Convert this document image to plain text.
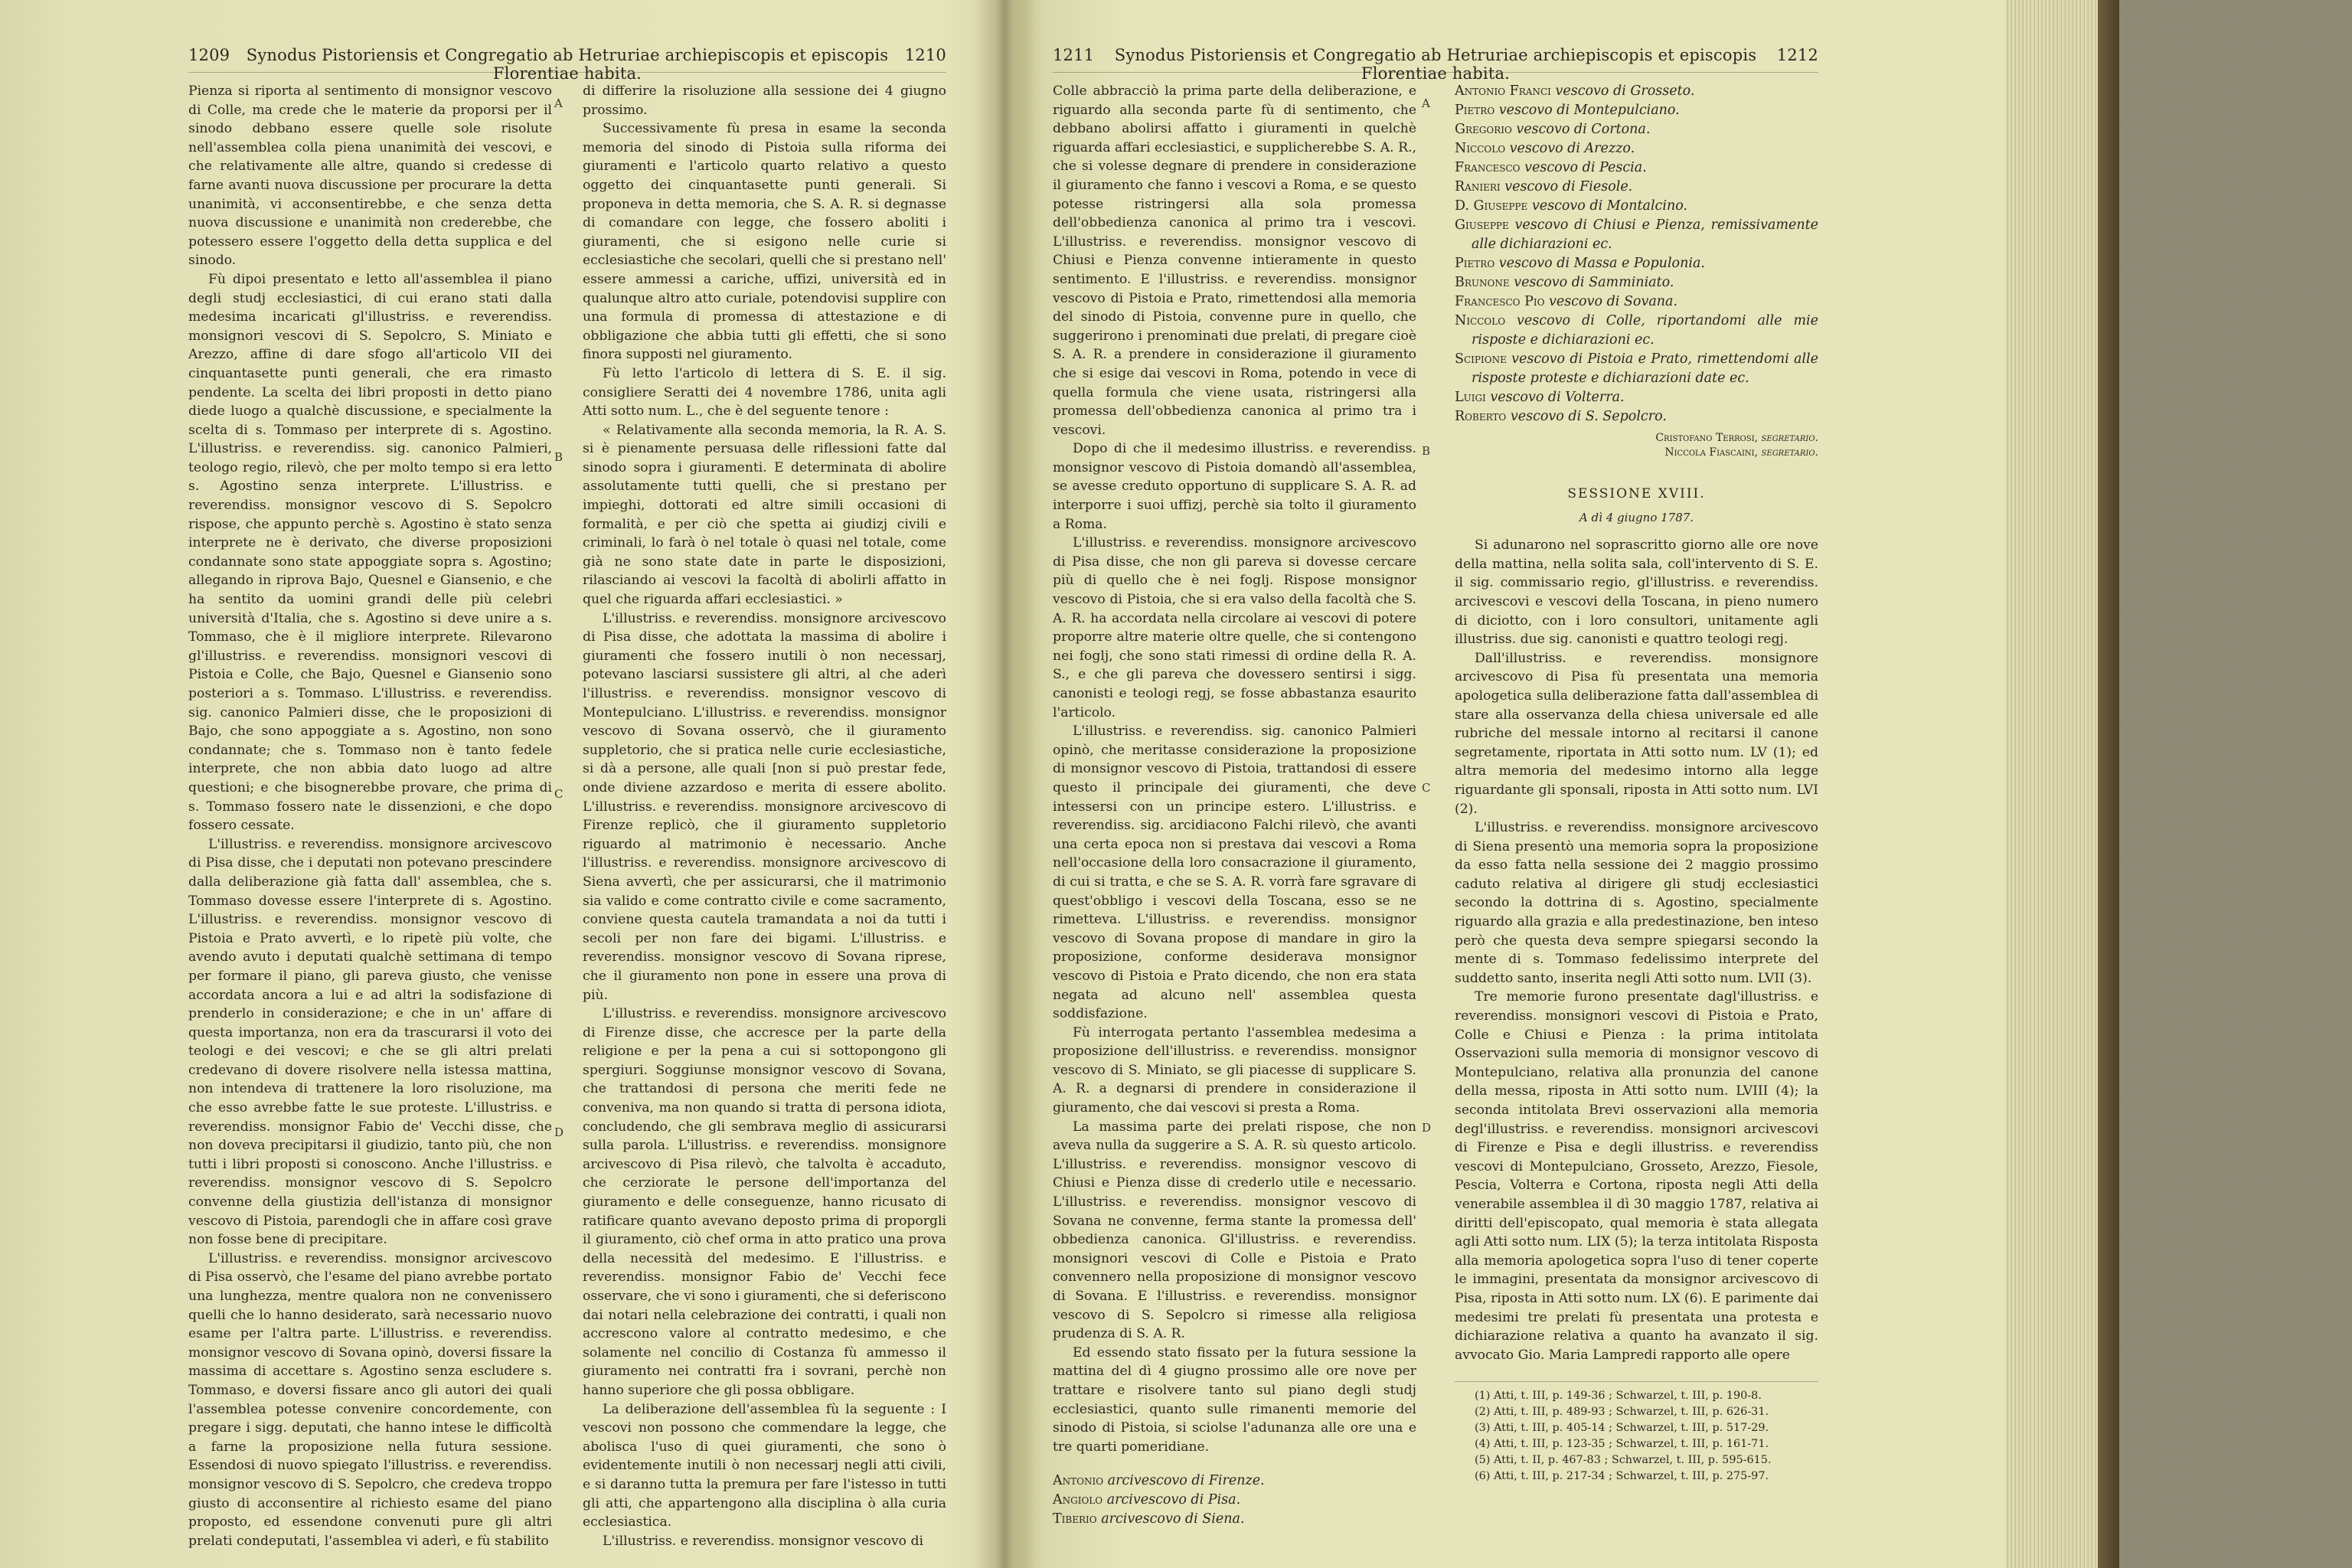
1209	Synodus Pistoriensis et Congregatio ab Hetruriae archiepiscopis et episcopis Florentiae habita.
1210

Pienza si riporta al sentimento di monsignor vescovo di Colle, ma crede che le materie da proporsi per il sinodo debbano essere quelle sole risolute nell'assemblea colla piena unanimità dei vescovi, e che relativamente alle altre, quando si credesse di farne avanti nuova discussione per procurare la detta unanimità, vi acconsentirebbe, e che senza detta nuova discussione e unanimità non crederebbe, che potessero essere l'oggetto della detta supplica e del sinodo.

Fù dipoi presentato e letto all'assemblea il piano degli studj ecclesiastici, di cui erano stati dalla medesima incaricati gl'illustriss. e reverendiss. monsignori vescovi di S. Sepolcro, S. Miniato e Arezzo, affine di dare sfogo all'articolo VII dei cinquantasette punti generali, che era rimasto pendente. La scelta dei libri proposti in detto piano diede luogo a qualchè discussione, e specialmente la scelta di s. Tommaso per interprete di s. Agostino. L'illustriss. e reverendiss. sig. canonico Palmieri, teologo regio, rilevò, che per molto tempo si era letto s. Agostino senza interprete. L'illustriss. e reverendiss. monsignor vescovo di S. Sepolcro rispose, che appunto perchè s. Agostino è stato senza interprete ne è derivato, che diverse proposizioni condannate sono state appoggiate sopra s. Agostino; allegando in riprova Bajo, Quesnel e Giansenio, e che ha sentito da uomini grandi delle più celebri università d'Italia, che s. Agostino si deve unire a s. Tommaso, che è il migliore interprete. Rilevarono gl'illustriss. e reverendiss. monsignori vescovi di Pistoia e Colle, che Bajo, Quesnel e Giansenio sono posteriori a s. Tommaso. L'illustriss. e reverendiss. sig. canonico Palmieri disse, che le proposizioni di Bajo, che sono appoggiate a s. Agostino, non sono condannate; che s. Tommaso non è tanto fedele interprete, che non abbia dato luogo ad altre questioni; e che bisognerebbe provare, che prima di s. Tommaso fossero nate le dissenzioni, e che dopo fossero cessate.

L'illustriss. e reverendiss. monsignore arcivescovo di Pisa disse, che i deputati non potevano prescindere dalla deliberazione già fatta dall' assemblea, che s. Tommaso dovesse essere l'interprete di s. Agostino. L'illustriss. e reverendiss. monsignor vescovo di Pistoia e Prato avvertì, e lo ripetè più volte, che avendo avuto i deputati qualchè settimana di tempo per formare il piano, gli pareva giusto, che venisse accordata ancora a lui e ad altri la sodisfazione di prenderlo in considerazione; e che in un' affare di questa importanza, non era da trascurarsi il voto dei teologi e dei vescovi; e che se gli altri prelati credevano di dovere risolvere nella istessa mattina, non intendeva di trattenere la loro risoluzione, ma che esso avrebbe fatte le sue proteste. L'illustriss. e reverendiss. monsignor Fabio de' Vecchi disse, che non doveva precipitarsi il giudizio, tanto più, che non tutti i libri proposti si conoscono. Anche l'illustriss. e reverendiss. monsignor vescovo di S. Sepolcro convenne della giustizia dell'istanza di monsignor vescovo di Pistoia, parendogli che in affare così grave non fosse bene di precipitare.

L'illustriss. e reverendiss. monsignor arcivescovo di Pisa osservò, che l'esame del piano avrebbe portato una lunghezza, mentre qualora non ne convenissero quelli che lo hanno desiderato, sarà necessario nuovo esame per l'altra parte. L'illustriss. e reverendiss. monsignor vescovo di Sovana opinò, doversi fissare la massima di accettare s. Agostino senza escludere s. Tommaso, e doversi fissare anco gli autori dei quali l'assemblea potesse convenire concordemente, con pregare i sigg. deputati, che hanno intese le difficoltà a farne la proposizione nella futura sessione. Essendosi di nuovo spiegato l'illustriss. e reverendiss. monsignor vescovo di S. Sepolcro, che credeva troppo giusto di acconsentire al richiesto esame del piano proposto, ed essendone convenuti pure gli altri prelati condeputati, l'assemblea vi aderì, e fù stabilito

di differire la risoluzione alla sessione dei 4 giugno prossimo.

Successivamente fù presa in esame la seconda memoria del sinodo di Pistoia sulla riforma dei giuramenti e l'articolo quarto relativo a questo oggetto dei cinquantasette punti generali. Si proponeva in detta memoria, che S. A. R. si degnasse di comandare con legge, che fossero aboliti i giuramenti, che si esigono nelle curie si ecclesiastiche che secolari, quelli che si prestano nell' essere ammessi a cariche, uffizi, università ed in qualunque altro atto curiale, potendovisi supplire con una formula di promessa di attestazione e di obbligazione che abbia tutti gli effetti, che si sono finora supposti nel giuramento.

Fù letto l'articolo di lettera di S. E. il sig. consigliere Seratti dei 4 novembre 1786, unita agli Atti sotto num. L., che è del seguente tenore :

« Relativamente alla seconda memoria, la R. A. S. si è pienamente persuasa delle riflessioni fatte dal sinodo sopra i giuramenti. E determinata di abolire assolutamente tutti quelli, che si prestano per impieghi, dottorati ed altre simili occasioni di formalità, e per ciò che spetta ai giudizj civili e criminali, lo farà ò nel totale ò quasi nel totale, come già ne sono state date in parte le disposizioni, rilasciando ai vescovi la facoltà di abolirli affatto in quel che riguarda affari ecclesiastici. »

L'illustriss. e reverendiss. monsignore arcivescovo di Pisa disse, che adottata la massima di abolire i giuramenti che fossero inutili ò non necessarj, potevano lasciarsi sussistere gli altri, al che aderì l'illustriss. e reverendiss. monsignor vescovo di Montepulciano. L'illustriss. e reverendiss. monsignor vescovo di Sovana osservò, che il giuramento suppletorio, che si pratica nelle curie ecclesiastiche, si dà a persone, alle quali [non si può prestar fede, onde diviene azzardoso e merita di essere abolito. L'illustriss. e reverendiss. monsignore arcivescovo di Firenze replicò, che il giuramento suppletorio riguardo al matrimonio è necessario. Anche l'illustriss. e reverendiss. monsignore arcivescovo di Siena avvertì, che per assicurarsi, che il matrimonio sia valido e come contratto civile e come sacramento, conviene questa cautela tramandata a noi da tutti i secoli per non fare dei bigami. L'illustriss. e reverendiss. monsignor vescovo di Sovana riprese, che il giuramento non pone in essere una prova di più.

L'illustriss. e reverendiss. monsignore arcivescovo di Firenze disse, che accresce per la parte della religione e per la pena a cui si sottopongono gli spergiuri. Soggiunse monsignor vescovo di Sovana, che trattandosi di persona che meriti fede ne conveniva, ma non quando si tratta di persona idiota, concludendo, che gli sembrava meglio di assicurarsi sulla parola. L'illustriss. e reverendiss. monsignore arcivescovo di Pisa rilevò, che talvolta è accaduto, che cerziorate le persone dell'importanza del giuramento e delle conseguenze, hanno ricusato di ratificare quanto avevano deposto prima di proporgli il giuramento, ciò chef orma in atto pratico una prova della necessità del medesimo. E l'illustriss. e reverendiss. monsignor Fabio de' Vecchi fece osservare, che vi sono i giuramenti, che si deferiscono dai notari nella celebrazione dei contratti, i quali non accrescono valore al contratto medesimo, e che solamente nel concilio di Costanza fù ammesso il giuramento nei contratti fra i sovrani, perchè non hanno superiore che gli possa obbligare.

La deliberazione dell'assemblea fù la seguente : I vescovi non possono che commendare la legge, che abolisca l'uso di quei giuramenti, che sono ò evidentemente inutili ò non necessarj negli atti civili, e si daranno tutta la premura per fare l'istesso in tutti gli atti, che appartengono alla disciplina ò alla curia ecclesiastica.

L'illustriss. e reverendiss. monsignor vescovo di

A
B
C
D
1211	Synodus Pistoriensis et Congregatio ab Hetruriae archiepiscopis et episcopis Florentiae habita.
1212

Colle abbracciò la prima parte della deliberazione, e riguardo alla seconda parte fù di sentimento, che debbano abolirsi affatto i giuramenti in quelchè riguarda affari ecclesiastici, e supplicherebbe S. A. R., che si volesse degnare di prendere in considerazione il giuramento che fanno i vescovi a Roma, e se questo potesse ristringersi alla sola promessa dell'obbedienza canonica al primo tra i vescovi. L'illustriss. e reverendiss. monsignor vescovo di Chiusi e Pienza convenne intieramente in questo sentimento. E l'illustriss. e reverendiss. monsignor vescovo di Pistoia e Prato, rimettendosi alla memoria del sinodo di Pistoia, convenne pure in quello, che suggerirono i prenominati due prelati, di pregare cioè S. A. R. a prendere in considerazione il giuramento che si esige dai vescovi in Roma, potendo in vece di quella formula che viene usata, ristringersi alla promessa dell'obbedienza canonica al primo tra i vescovi.

Dopo di che il medesimo illustriss. e reverendiss. monsignor vescovo di Pistoia domandò all'assemblea, se avesse creduto opportuno di supplicare S. A. R. ad interporre i suoi uffizj, perchè sia tolto il giuramento a Roma.

L'illustriss. e reverendiss. monsignore arcivescovo di Pisa disse, che non gli pareva si dovesse cercare più di quello che è nei foglj. Rispose monsignor vescovo di Pistoia, che si era valso della facoltà che S. A. R. ha accordata nella circolare ai vescovi di potere proporre altre materie oltre quelle, che si contengono nei foglj, che sono stati rimessi di ordine della R. A. S., e che gli pareva che dovessero sentirsi i sigg. canonisti e teologi regj, se fosse abbastanza esaurito l'articolo.

L'illustriss. e reverendiss. sig. canonico Palmieri opinò, che meritasse considerazione la proposizione di monsignor vescovo di Pistoia, trattandosi di essere questo il principale dei giuramenti, che deve intessersi con un principe estero. L'illustriss. e reverendiss. sig. arcidiacono Falchi rilevò, che avanti una certa epoca non si prestava dai vescovi a Roma nell'occasione della loro consacrazione il giuramento, di cui si tratta, e che se S. A. R. vorrà fare sgravare di quest'obbligo i vescovi della Toscana, esso se ne rimetteva. L'illustriss. e reverendiss. monsignor vescovo di Sovana propose di mandare in giro la proposizione, conforme desiderava monsignor vescovo di Pistoia e Prato dicendo, che non era stata negata ad alcuno nell' assemblea questa soddisfazione.

Fù interrogata pertanto l'assemblea medesima a proposizione dell'illustriss. e reverendiss. monsignor vescovo di S. Miniato, se gli piacesse di supplicare S. A. R. a degnarsi di prendere in considerazione il giuramento, che dai vescovi si presta a Roma.

La massima parte dei prelati rispose, che non aveva nulla da suggerire a S. A. R. sù questo articolo. L'illustriss. e reverendiss. monsignor vescovo di Chiusi e Pienza disse di crederlo utile e necessario. L'illustriss. e reverendiss. monsignor vescovo di Sovana ne convenne, ferma stante la promessa dell' obbedienza canonica. Gl'illustriss. e reverendiss. monsignori vescovi di Colle e Pistoia e Prato convennero nella proposizione di monsignor vescovo di Sovana. E l'illustriss. e reverendiss. monsignor vescovo di S. Sepolcro si rimesse alla religiosa prudenza di S. A. R.

Ed essendo stato fissato per la futura sessione la mattina del dì 4 giugno prossimo alle ore nove per trattare e risolvere tanto sul piano degli studj ecclesiastici, quanto sulle rimanenti memorie del sinodo di Pistoia, si sciolse l'adunanza alle ore una e tre quarti pomeridiane.

Antonio arcivescovo di Firenze.
Angiolo arcivescovo di Pisa.
Tiberio arcivescovo di Siena.
Antonio Franci vescovo di Grosseto.
Pietro vescovo di Montepulciano.
Gregorio vescovo di Cortona.
Niccolo vescovo di Arezzo.
Francesco vescovo di Pescia.
Ranieri vescovo di Fiesole.
D. Giuseppe vescovo di Montalcino.
Giuseppe vescovo di Chiusi e Pienza, remissivamente alle dichiarazioni ec.
Pietro vescovo di Massa e Populonia.
Brunone vescovo di Samminiato.
Francesco Pio vescovo di Sovana.
Niccolo vescovo di Colle, riportandomi alle mie risposte e dichiarazioni ec.
Scipione vescovo di Pistoia e Prato, rimettendomi alle risposte proteste e dichiarazioni date ec.
Luigi vescovo di Volterra.
Roberto vescovo di S. Sepolcro.
Cristofano Terrosi, segretario.
Niccola Fiascaini, segretario.
SESSIONE XVIII.
A dì 4 giugno 1787.

Si adunarono nel soprascritto giorno alle ore nove della mattina, nella solita sala, coll'intervento di S. E. il sig. commissario regio, gl'illustriss. e reverendiss. arcivescovi e vescovi della Toscana, in pieno numero di diciotto, con i loro consultori, unitamente agli illustriss. due sig. canonisti e quattro teologi regj.

Dall'illustriss. e reverendiss. monsignore arcivescovo di Pisa fù presentata una memoria apologetica sulla deliberazione fatta dall'assemblea di stare alla osservanza della chiesa universale ed alle rubriche del messale intorno al recitarsi il canone segretamente, riportata in Atti sotto num. LV (1); ed altra memoria del medesimo intorno alla legge riguardante gli sponsali, riposta in Atti sotto num. LVI (2).

L'illustriss. e reverendiss. monsignore arcivescovo di Siena presentò una memoria sopra la proposizione da esso fatta nella sessione dei 2 maggio prossimo caduto relativa al dirigere gli studj ecclesiastici secondo la dottrina di s. Agostino, specialmente riguardo alla grazia e alla predestinazione, ben inteso però che questa deva sempre spiegarsi secondo la mente di s. Tommaso fedelissimo interprete del suddetto santo, inserita negli Atti sotto num. LVII (3).

Tre memorie furono presentate dagl'illustriss. e reverendiss. monsignori vescovi di Pistoia e Prato, Colle e Chiusi e Pienza : la prima intitolata Osservazioni sulla memoria di monsignor vescovo di Montepulciano, relativa alla pronunzia del canone della messa, riposta in Atti sotto num. LVIII (4); la seconda intitolata Brevi osservazioni alla memoria degl'illustriss. e reverendiss. monsignori arcivescovi di Firenze e Pisa e degli illustriss. e reverendiss vescovi di Montepulciano, Grosseto, Arezzo, Fiesole, Pescia, Volterra e Cortona, riposta negli Atti della venerabile assemblea il dì 30 maggio 1787, relativa ai diritti dell'episcopato, qual memoria è stata allegata agli Atti sotto num. LIX (5); la terza intitolata Risposta alla memoria apologetica sopra l'uso di tener coperte le immagini, presentata da monsignor arcivescovo di Pisa, riposta in Atti sotto num. LX (6). E parimente dai medesimi tre prelati fù presentata una protesta e dichiarazione relativa a quanto ha avanzato il sig. avvocato Gio. Maria Lampredi rapporto alle opere

(1) Atti, t. III, p. 149-36 ; Schwarzel, t. III, p. 190-8.
(2) Atti, t. III, p. 489-93 ; Schwarzel, t. III, p. 626-31.
(3) Atti, t. III, p. 405-14 ; Schwarzel, t. III, p. 517-29.
(4) Atti, t. III, p. 123-35 ; Schwarzel, t. III, p. 161-71.
(5) Atti, t. II, p. 467-83 ; Schwarzel, t. III, p. 595-615.
(6) Atti, t. III, p. 217-34 ; Schwarzel, t. III, p. 275-97.
A
B
C
D
